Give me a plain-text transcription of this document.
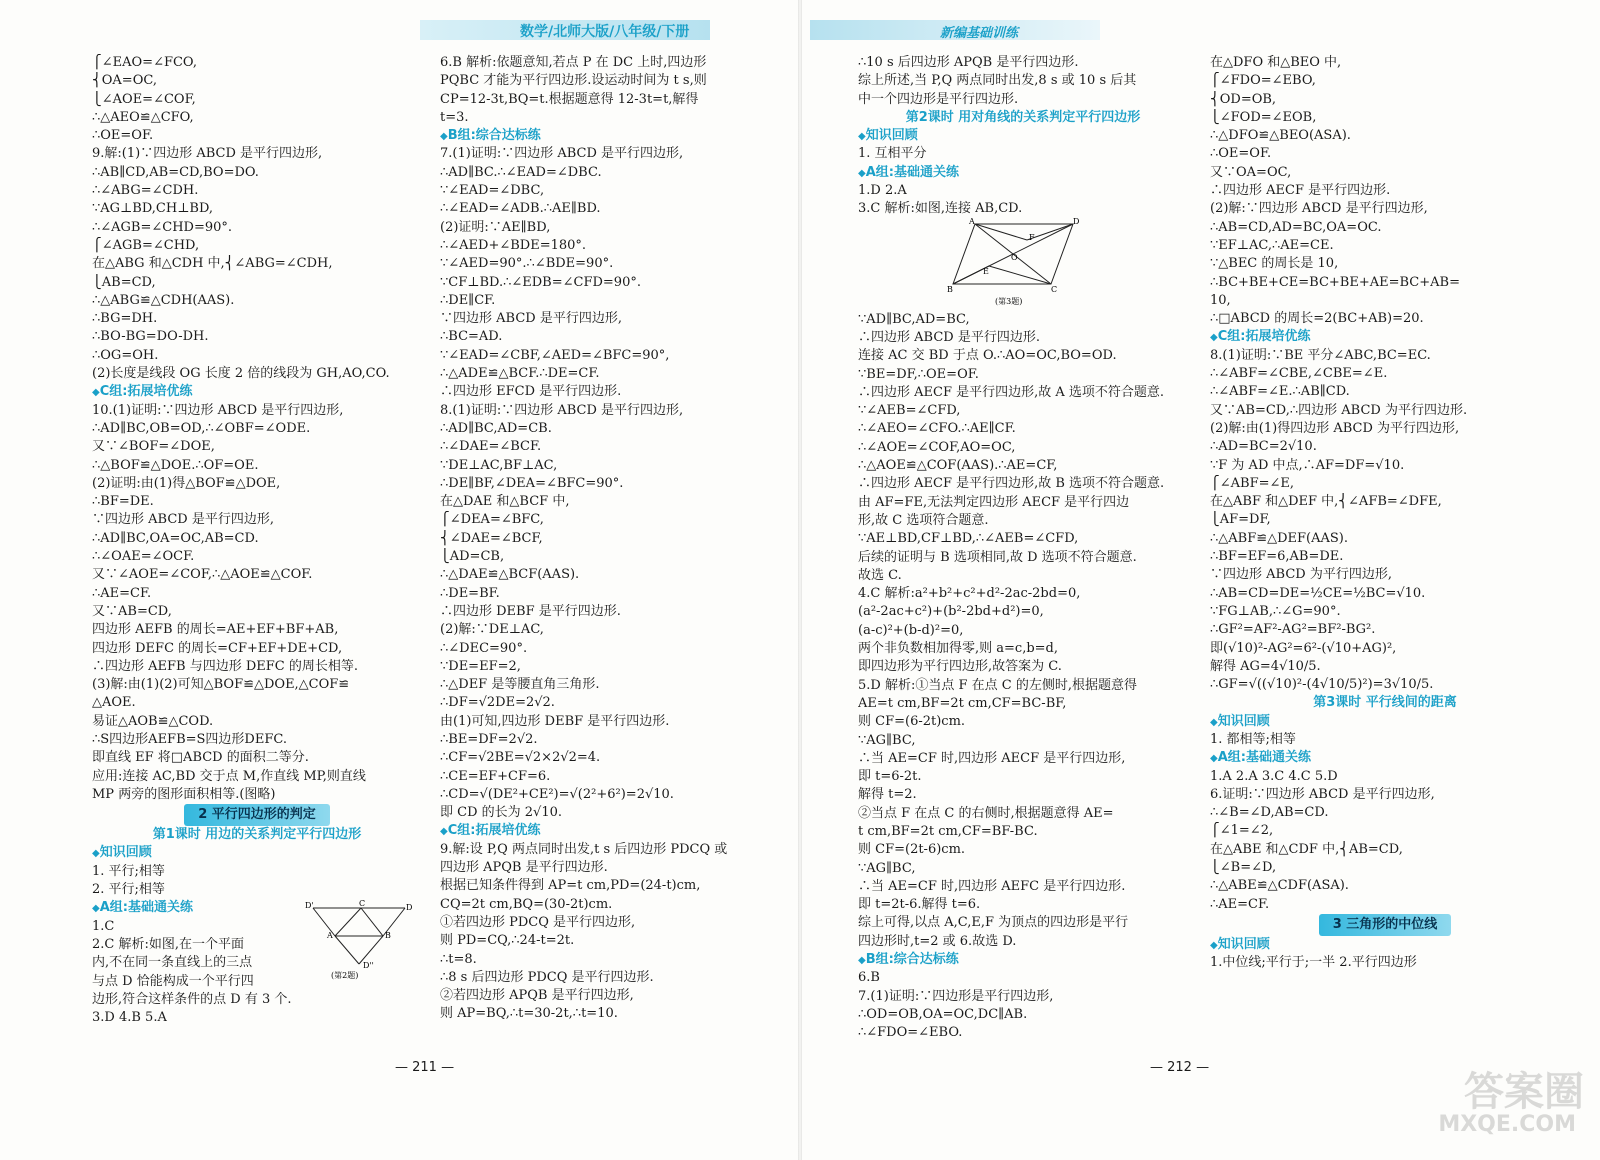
数学/北师大版/八年级/下册	新编基础训练
⎧∠EAO=∠FCO,
⎨OA=OC,
⎩∠AOE=∠COF,
∴△AEO≌△CFO,
∴OE=OF.
9.解:(1)∵四边形 ABCD 是平行四边形,
∴AB∥CD,AB=CD,BO=DO.
∴∠ABG=∠CDH.
∵AG⊥BD,CH⊥BD,
∴∠AGB=∠CHD=90°.
⎧∠AGB=∠CHD,
在△ABG 和△CDH 中,⎨∠ABG=∠CDH,
⎩AB=CD,
∴△ABG≌△CDH(AAS).
∴BG=DH.
∴BO-BG=DO-DH.
∴OG=OH.
(2)长度是线段 OG 长度 2 倍的线段为 GH,AO,CO.
◆ C组:拓展培优练
10.(1)证明:∵四边形 ABCD 是平行四边形,
∴AD∥BC,OB=OD,∴∠OBF=∠ODE.
又∵∠BOF=∠DOE,
∴△BOF≌△DOE.∴OF=OE.
(2)证明:由(1)得△BOF≌△DOE,
∴BF=DE.
∵四边形 ABCD 是平行四边形,
∴AD∥BC,OA=OC,AB=CD.
∴∠OAE=∠OCF.
又∵∠AOE=∠COF,∴△AOE≌△COF.
∴AE=CF.
又∵AB=CD,
四边形 AEFB 的周长=AE+EF+BF+AB,
四边形 DEFC 的周长=CF+EF+DE+CD,
∴四边形 AEFB 与四边形 DEFC 的周长相等.
(3)解:由(1)(2)可知△BOF≌△DOE,△COF≌
△AOE.
易证△AOB≌△COD.
∴S四边形AEFB=S四边形DEFC.
即直线 EF 将□ABCD 的面积二等分.
应用:连接 AC,BD 交于点 M,作直线 MP,则直线
MP 两旁的图形面积相等.(图略)
2 平行四边形的判定
第1课时 用边的关系判定平行四边形
◆ 知识回顾
1. 平行;相等
2. 平行;相等
◆ A组:基础通关练
1.C
2.C 解析:如图,在一个平面
内,不在同一条直线上的三点
与点 D 恰能构成一个平行四
边形,符合这样条件的点 D 有 3 个.
3.D 4.B 5.A
6.B 解析:依题意知,若点 P 在 DC 上时,四边形
PQBC 才能为平行四边形.设运动时间为 t s,则
CP=12-3t,BQ=t.根据题意得 12-3t=t,解得
t=3.
◆ B组:综合达标练
7.(1)证明:∵四边形 ABCD 是平行四边形,
∴AD∥BC.∴∠EAD=∠DBC.
∵∠EAD=∠DBC,
∴∠EAD=∠ADB.∴AE∥BD.
(2)证明:∵AE∥BD,
∴∠AED+∠BDE=180°.
∵∠AED=90°.∴∠BDE=90°.
∵CF⊥BD.∴∠EDB=∠CFD=90°.
∴DE∥CF.
∵四边形 ABCD 是平行四边形,
∴BC=AD.
∵∠EAD=∠CBF,∠AED=∠BFC=90°,
∴△ADE≌△BCF.∴DE=CF.
∴四边形 EFCD 是平行四边形.
8.(1)证明:∵四边形 ABCD 是平行四边形,
∴AD∥BC,AD=CB.
∴∠DAE=∠BCF.
∵DE⊥AC,BF⊥AC,
∴DE∥BF,∠DEA=∠BFC=90°.
在△DAE 和△BCF 中,
⎧∠DEA=∠BFC,
⎨∠DAE=∠BCF,
⎩AD=CB,
∴△DAE≌△BCF(AAS).
∴DE=BF.
∴四边形 DEBF 是平行四边形.
(2)解:∵DE⊥AC,
∴∠DEC=90°.
∵DE=EF=2,
∴△DEF 是等腰直角三角形.
∴DF=√2DE=2√2.
由(1)可知,四边形 DEBF 是平行四边形.
∴BE=DF=2√2.
∴CF=√2BE=√2×2√2=4.
∴CE=EF+CF=6.
∴CD=√(DE²+CE²)=√(2²+6²)=2√10.
即 CD 的长为 2√10.
◆ C组:拓展培优练
9.解:设 P,Q 两点同时出发,t s 后四边形 PDCQ 或
四边形 APQB 是平行四边形.
根据已知条件得到 AP=t cm,PD=(24-t)cm,
CQ=2t cm,BQ=(30-2t)cm.
①若四边形 PDCQ 是平行四边形,
则 PD=CQ,∴24-t=2t.
∴t=8.
∴8 s 后四边形 PDCQ 是平行四边形.
②若四边形 APQB 是平行四边形,
则 AP=BQ,∴t=30-2t,∴t=10.
∴10 s 后四边形 APQB 是平行四边形.
综上所述,当 P,Q 两点同时出发,8 s 或 10 s 后其
中一个四边形是平行四边形.
第2课时 用对角线的关系判定平行四边形
◆ 知识回顾
1. 互相平分
◆ A组:基础通关练
1.D 2.A
3.C 解析:如图,连接 AB,CD.
∵AD∥BC,AD=BC,
∴四边形 ABCD 是平行四边形.
连接 AC 交 BD 于点 O.∴AO=OC,BO=OD.
∵BE=DF,∴OE=OF.
∴四边形 AECF 是平行四边形,故 A 选项不符合题意.
∵∠AEB=∠CFD,
∴∠AEO=∠CFO.∴AE∥CF.
∴∠AOE=∠COF,AO=OC,
∴△AOE≌△COF(AAS).∴AE=CF,
∴四边形 AECF 是平行四边形,故 B 选项不符合题意.
由 AF=FE,无法判定四边形 AECF 是平行四边
形,故 C 选项符合题意.
∵AE⊥BD,CF⊥BD,∴∠AEB=∠CFD,
后续的证明与 B 选项相同,故 D 选项不符合题意.
故选 C.
4.C 解析:a²+b²+c²+d²-2ac-2bd=0,
(a²-2ac+c²)+(b²-2bd+d²)=0,
(a-c)²+(b-d)²=0,
两个非负数相加得零,则 a=c,b=d,
即四边形为平行四边形,故答案为 C.
5.D 解析:①当点 F 在点 C 的左侧时,根据题意得
AE=t cm,BF=2t cm,CF=BC-BF,
则 CF=(6-2t)cm.
∵AG∥BC,
∴当 AE=CF 时,四边形 AECF 是平行四边形,
即 t=6-2t.
解得 t=2.
②当点 F 在点 C 的右侧时,根据题意得 AE=
t cm,BF=2t cm,CF=BF-BC.
则 CF=(2t-6)cm.
∵AG∥BC,
∴当 AE=CF 时,四边形 AEFC 是平行四边形.
即 t=2t-6.解得 t=6.
综上可得,以点 A,C,E,F 为顶点的四边形是平行
四边形时,t=2 或 6.故选 D.
◆ B组:综合达标练
6.B
7.(1)证明:∵四边形是平行四边形,
∴OD=OB,OA=OC,DC∥AB.
∴∠FDO=∠EBO.
在△DFO 和△BEO 中,
⎧∠FDO=∠EBO,
⎨OD=OB,
⎩∠FOD=∠EOB,
∴△DFO≌△BEO(ASA).
∴OE=OF.
又∵OA=OC,
∴四边形 AECF 是平行四边形.
(2)解:∵四边形 ABCD 是平行四边形,
∴AB=CD,AD=BC,OA=OC.
∵EF⊥AC,∴AE=CE.
∵△BEC 的周长是 10,
∴BC+BE+CE=BC+BE+AE=BC+AB=
10,
∴□ABCD 的周长=2(BC+AB)=20.
◆ C组:拓展培优练
8.(1)证明:∵BE 平分∠ABC,BC=EC.
∴∠ABF=∠CBE,∠CBE=∠E.
∴∠ABF=∠E.∴AB∥CD.
又∵AB=CD,∴四边形 ABCD 为平行四边形.
(2)解:由(1)得四边形 ABCD 为平行四边形,
∴AD=BC=2√10.
∵F 为 AD 中点,∴AF=DF=√10.
⎧∠ABF=∠E,
在△ABF 和△DEF 中,⎨∠AFB=∠DFE,
⎩AF=DF,
∴△ABF≌△DEF(AAS).
∴BF=EF=6,AB=DE.
∵四边形 ABCD 为平行四边形,
∴AB=CD=DE=½CE=½BC=√10.
∵FG⊥AB,∴∠G=90°.
∴GF²=AF²-AG²=BF²-BG².
即(√10)²-AG²=6²-(√10+AG)²,
解得 AG=4√10/5.
∴GF=√((√10)²-(4√10/5)²)=3√10/5.
第3课时 平行线间的距离
◆ 知识回顾
1. 都相等;相等
◆ A组:基础通关练
1.A 2.A 3.C 4.C 5.D
6.证明:∵四边形 ABCD 是平行四边形,
∴∠B=∠D,AB=CD.
⎧∠1=∠2,
在△ABE 和△CDF 中,⎨AB=CD,
⎩∠B=∠D,
∴△ABE≌△CDF(ASA).
∴AE=CF.
3 三角形的中位线
◆ 知识回顾
1.中位线;平行于;一半 2.平行四边形
D'	C	D
A	B
D''
(第2题)
A	D
B	C
O
F
E
(第3题)
— 211 —	— 212 —
答案圈
MXQE.COM
